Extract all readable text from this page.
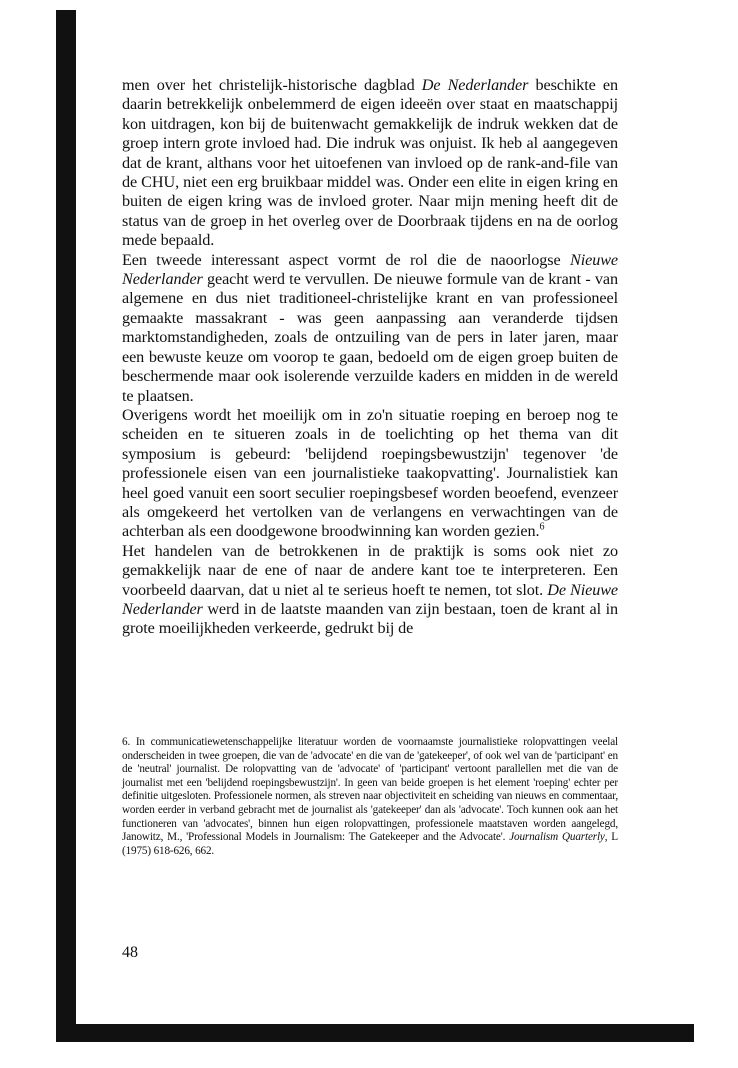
men over het christelijk-historische dagblad De Nederlander beschikte en daarin betrekkelijk onbelemmerd de eigen ideeën over staat en maatschappij kon uitdragen, kon bij de buitenwacht gemakkelijk de indruk wekken dat de groep intern grote invloed had. Die indruk was onjuist. Ik heb al aangegeven dat de krant, althans voor het uitoefenen van invloed op de rank-and-file van de CHU, niet een erg bruikbaar middel was. Onder een elite in eigen kring en buiten de eigen kring was de invloed groter. Naar mijn mening heeft dit de status van de groep in het overleg over de Doorbraak tijdens en na de oorlog mede bepaald.

Een tweede interessant aspect vormt de rol die de naoorlogse Nieuwe Nederlander geacht werd te vervullen. De nieuwe formule van de krant - van algemene en dus niet traditioneel-christelijke krant en van professioneel gemaakte massakrant - was geen aanpassing aan veranderde tijdsen marktomstandigheden, zoals de ontzuiling van de pers in later jaren, maar een bewuste keuze om voorop te gaan, bedoeld om de eigen groep buiten de beschermende maar ook isolerende verzuilde kaders en midden in de wereld te plaatsen.

Overigens wordt het moeilijk om in zo'n situatie roeping en beroep nog te scheiden en te situeren zoals in de toelichting op het thema van dit symposium is gebeurd: 'belijdend roepingsbewustzijn' tegenover 'de professionele eisen van een journalistieke taakopvatting'. Journalistiek kan heel goed vanuit een soort seculier roepingsbesef worden beoefend, evenzeer als omgekeerd het vertolken van de verlangens en verwachtingen van de achterban als een doodgewone broodwinning kan worden gezien.$^6$

Het handelen van de betrokkenen in de praktijk is soms ook niet zo gemakkelijk naar de ene of naar de andere kant toe te interpreteren. Een voorbeeld daarvan, dat u niet al te serieus hoeft te nemen, tot slot. De Nieuwe Nederlander werd in de laatste maanden van zijn bestaan, toen de krant al in grote moeilijkheden verkeerde, gedrukt bij de

6. In communicatiewetenschappelijke literatuur worden de voornaamste journalistieke rolopvattingen veelal onderscheiden in twee groepen, die van de 'advocate' en die van de 'gatekeeper', of ook wel van de 'participant' en de 'neutral' journalist. De rolopvatting van de 'advocate' of 'participant' vertoont parallellen met die van de journalist met een 'belijdend roepingsbewustzijn'. In geen van beide groepen is het element 'roeping' echter per definitie uitgesloten. Professionele normen, als streven naar objectiviteit en scheiding van nieuws en commentaar, worden eerder in verband gebracht met de journalist als 'gatekeeper' dan als 'advocate'. Toch kunnen ook aan het functioneren van 'advocates', binnen hun eigen rolopvattingen, professionele maatstaven worden aangelegd, Janowitz, M., 'Professional Models in Journalism: The Gatekeeper and the Advocate'. Journalism Quarterly, L (1975) 618-626, 662.

48
